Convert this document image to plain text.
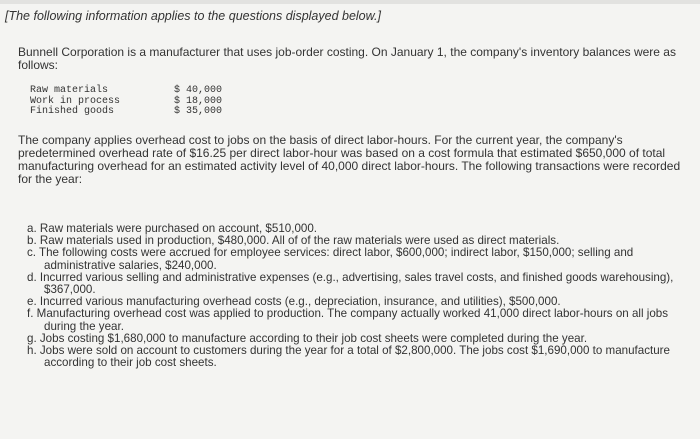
[The following information applies to the questions displayed below.]
Bunnell Corporation is a manufacturer that uses job-order costing. On January 1, the company's inventory balances were as follows:
Raw materials	$ 40,000
Work in process	$ 18,000
Finished goods	$ 35,000
The company applies overhead cost to jobs on the basis of direct labor-hours. For the current year, the company's predetermined overhead rate of $16.25 per direct labor-hour was based on a cost formula that estimated $650,000 of total manufacturing overhead for an estimated activity level of 40,000 direct labor-hours. The following transactions were recorded for the year:
a. Raw materials were purchased on account, $510,000.
b. Raw materials used in production, $480,000. All of of the raw materials were used as direct materials.
c. The following costs were accrued for employee services: direct labor, $600,000; indirect labor, $150,000; selling and administrative salaries, $240,000.
d. Incurred various selling and administrative expenses (e.g., advertising, sales travel costs, and finished goods warehousing), $367,000.
e. Incurred various manufacturing overhead costs (e.g., depreciation, insurance, and utilities), $500,000.
f. Manufacturing overhead cost was applied to production. The company actually worked 41,000 direct labor-hours on all jobs during the year.
g. Jobs costing $1,680,000 to manufacture according to their job cost sheets were completed during the year.
h. Jobs were sold on account to customers during the year for a total of $2,800,000. The jobs cost $1,690,000 to manufacture according to their job cost sheets.
